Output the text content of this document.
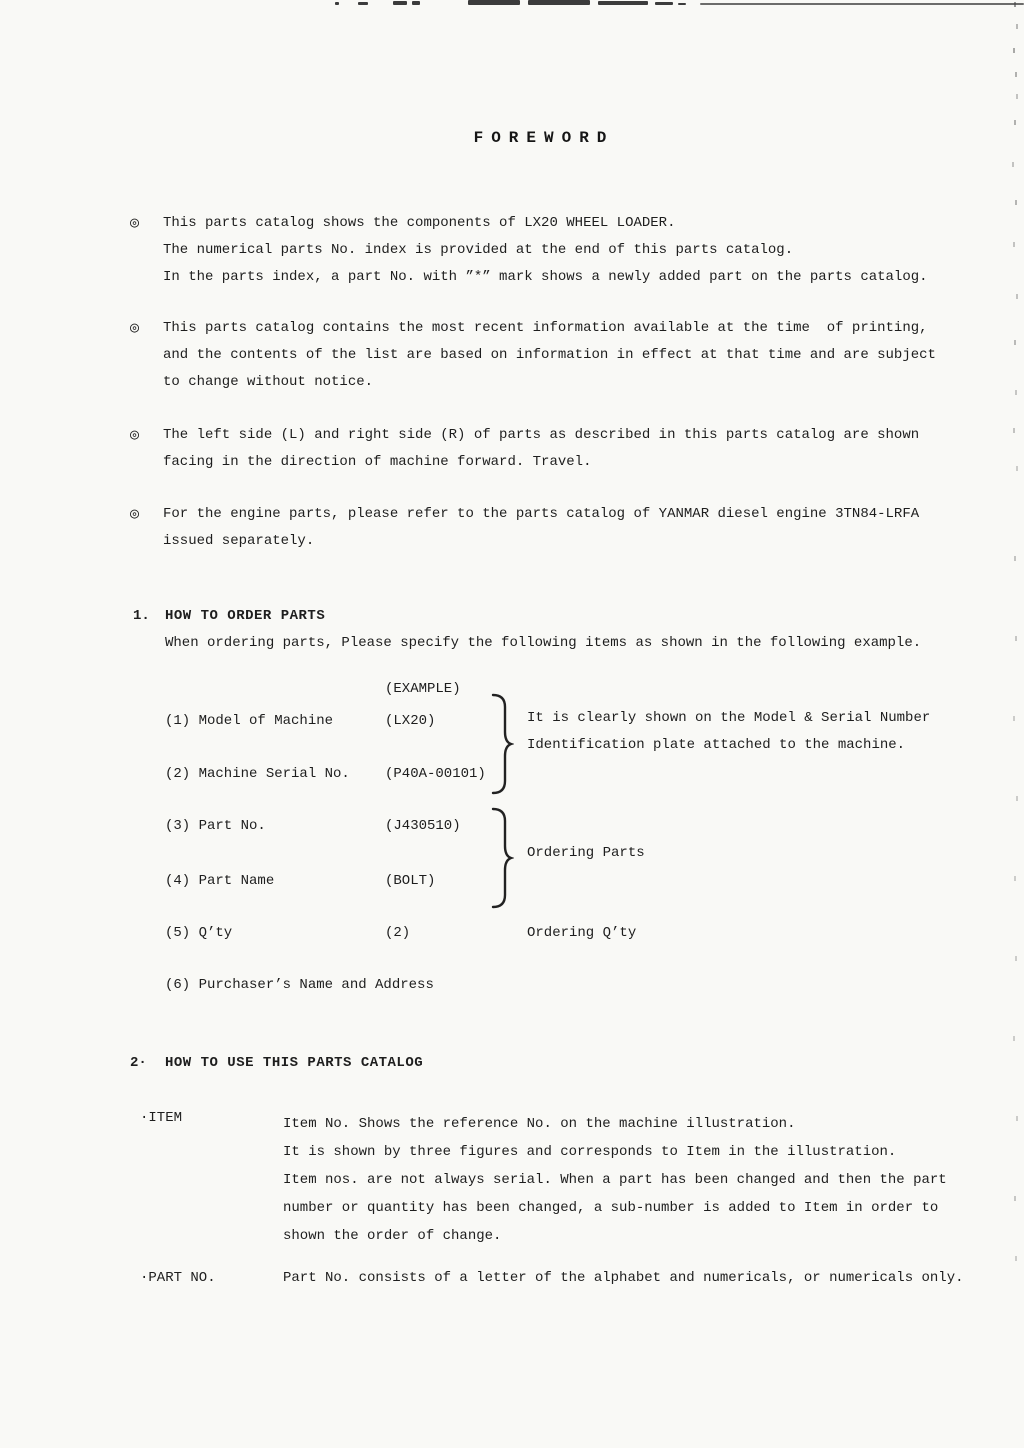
FOREWORD
◎	This parts catalog shows the components of LX20 WHEEL LOADER.
The numerical parts No. index is provided at the end of this parts catalog.
In the parts index, a part No. with ”*” mark shows a newly added part on the parts catalog.
◎	This parts catalog contains the most recent information available at the time  of printing,
and the contents of the list are based on information in effect at that time and are subject
to change without notice.
◎	The left side (L) and right side (R) of parts as described in this parts catalog are shown
facing in the direction of machine forward. Travel.
◎	For the engine parts, please refer to the parts catalog of YANMAR diesel engine 3TN84-LRFA
issued separately.
1. HOW TO ORDER PARTS
When ordering parts, Please specify the following items as shown in the following example.
(EXAMPLE)
(1) Model of Machine	(LX20)	It is clearly shown on the Model & Serial Number
Identification plate attached to the machine.
(2) Machine Serial No.	(P40A-00101)
(3) Part No.	(J430510)
Ordering Parts
(4) Part Name	(BOLT)
(5) Q’ty	(2)	Ordering Q’ty
(6) Purchaser’s Name and Address
2· HOW TO USE THIS PARTS CATALOG
·ITEM	Item No. Shows the reference No. on the machine illustration.
It is shown by three figures and corresponds to Item in the illustration.
Item nos. are not always serial. When a part has been changed and then the part
number or quantity has been changed, a sub-number is added to Item in order to
shown the order of change.
·PART NO.	Part No. consists of a letter of the alphabet and numericals, or numericals only.
